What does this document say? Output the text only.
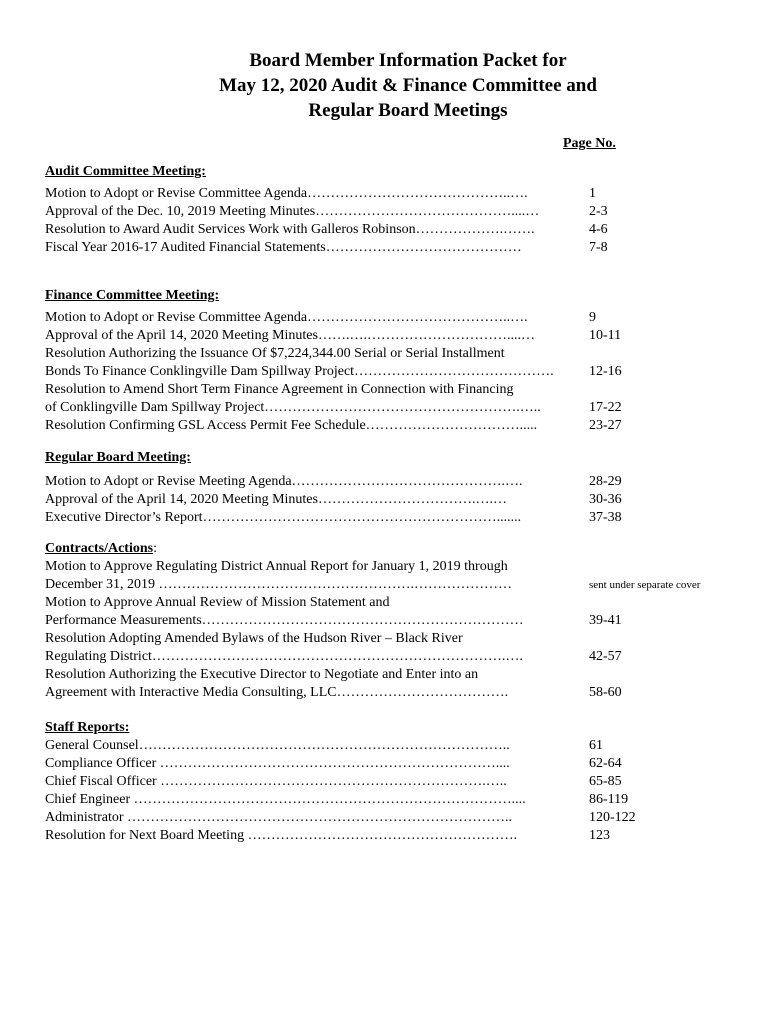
Board Member Information Packet for
May 12, 2020 Audit & Finance Committee and
Regular Board Meetings
Page No.
Audit Committee Meeting:
Motion to Adopt or Revise Committee Agenda……………………………………..….	1
Approval of the Dec. 10, 2019 Meeting Minutes……………………………………....…	2-3
Resolution to Award Audit Services Work with Galleros Robinson……………….…….	4-6
Fiscal Year 2016-17 Audited Financial Statements……………………………………	7-8
Finance Committee Meeting:
Motion to Adopt or Revise Committee Agenda……………………………………..….	9
Approval of the April 14, 2020 Meeting Minutes…….….…………………………....…	10-11
Resolution Authorizing the Issuance Of $7,224,344.00 Serial or Serial Installment
Bonds To Finance Conklingville Dam Spillway Project…………………………………….	12-16
Resolution to Amend Short Term Finance Agreement in Connection with Financing
of Conklingville Dam Spillway Project……………………………………………….…..	17-22
Resolution Confirming GSL Access Permit Fee Schedule…………………………….....	23-27
Regular Board Meeting:
Motion to Adopt or Revise Meeting Agenda……………………………………….….	28-29
Approval of the April 14, 2020 Meeting Minutes…………………………….….…	30-36
Executive Director’s Report……………………………………………………….......	37-38
Contracts/Actions:
Motion to Approve Regulating District Annual Report for January 1, 2019 through
December 31, 2019 ……………………………………………….…………………	sent under separate cover
Motion to Approve Annual Review of Mission Statement and
Performance Measurements……………………………………………………………	39-41
Resolution Adopting Amended Bylaws of the Hudson River – Black River
Regulating District………………………………………………………………….….	42-57
Resolution Authorizing the Executive Director to Negotiate and Enter into an
Agreement with Interactive Media Consulting, LLC……………………………….	58-60
Staff Reports:
General Counsel……………………………………………………………………..	61
Compliance Officer ………………………………………………………………....	62-64
Chief Fiscal Officer …………………………………………………………….…..	65-85
Chief Engineer ………………………………………………………………………....	86-119
Administrator ………………………………………………………………………..	120-122
Resolution for Next Board Meeting ………………………………………………….	123
